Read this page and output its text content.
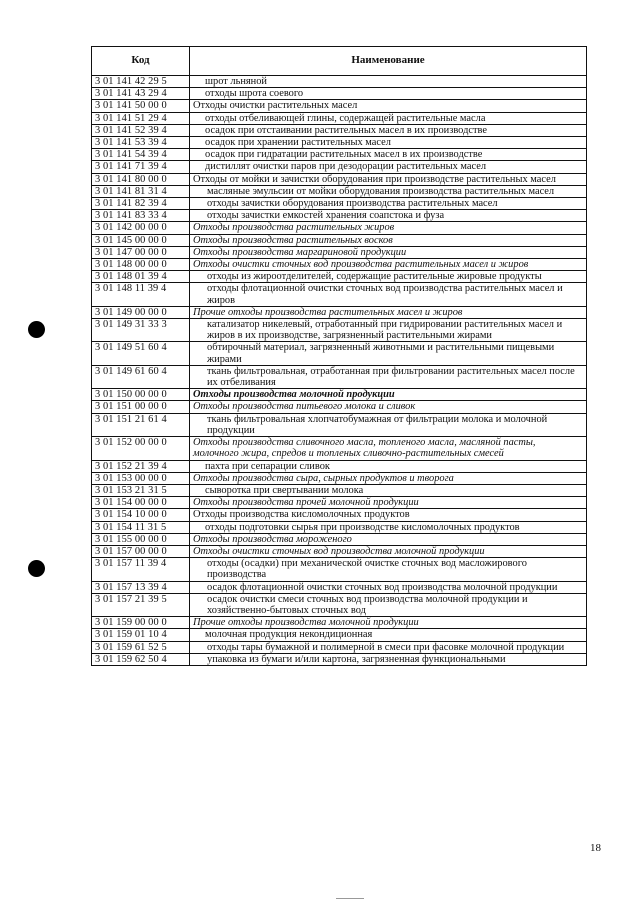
Код	Наименование
3 01 141 42 29 5	шрот льняной
3 01 141 43 29 4	отходы шрота соевого
3 01 141 50 00 0	Отходы очистки растительных масел
3 01 141 51 29 4	отходы отбеливающей глины, содержащей растительные масла
3 01 141 52 39 4	осадок при отстаивании растительных масел в их производстве
3 01 141 53 39 4	осадок при хранении растительных масел
3 01 141 54 39 4	осадок при гидратации растительных масел в их производстве
3 01 141 71 39 4	дистиллят очистки паров при дезодорации растительных масел
3 01 141 80 00 0	Отходы от мойки и зачистки оборудования при производстве растительных масел
3 01 141 81 31 4	масляные эмульсии от мойки оборудования производства растительных масел
3 01 141 82 39 4	отходы зачистки оборудования производства растительных масел
3 01 141 83 33 4	отходы зачистки емкостей хранения соапстока и фуза
3 01 142 00 00 0	Отходы производства растительных жиров
3 01 145 00 00 0	Отходы производства растительных восков
3 01 147 00 00 0	Отходы производства маргариновой продукции
3 01 148 00 00 0	Отходы очистки сточных вод производства растительных масел и жиров
3 01 148 01 39 4	отходы из жироотделителей, содержащие растительные жировые продукты
3 01 148 11 39 4	отходы флотационной очистки сточных вод производства растительных масел и жиров
3 01 149 00 00 0	Прочие отходы производства растительных масел и жиров
3 01 149 31 33 3	катализатор никелевый, отработанный при гидрировании растительных масел и жиров в их производстве, загрязненный растительными жирами
3 01 149 51 60 4	обтирочный материал, загрязненный животными и растительными пищевыми жирами
3 01 149 61 60 4	ткань фильтровальная, отработанная при фильтровании растительных масел после их отбеливания
3 01 150 00 00 0	Отходы производства молочной продукции
3 01 151 00 00 0	Отходы производства питьевого молока и сливок
3 01 151 21 61 4	ткань фильтровальная хлопчатобумажная от фильтрации молока и молочной продукции
3 01 152 00 00 0	Отходы производства сливочного масла, топленого масла, масляной пасты, молочного жира, спредов и топленых сливочно-растительных смесей
3 01 152 21 39 4	пахта при сепарации сливок
3 01 153 00 00 0	Отходы производства сыра, сырных продуктов и творога
3 01 153 21 31 5	сыворотка при свертывании молока
3 01 154 00 00 0	Отходы производства прочей молочной продукции
3 01 154 10 00 0	Отходы производства кисломолочных продуктов
3 01 154 11 31 5	отходы подготовки сырья при производстве кисломолочных продуктов
3 01 155 00 00 0	Отходы производства мороженого
3 01 157 00 00 0	Отходы очистки сточных вод производства молочной продукции
3 01 157 11 39 4	отходы (осадки) при механической очистке сточных вод масложирового производства
3 01 157 13 39 4	осадок флотационной очистки сточных вод производства молочной продукции
3 01 157 21 39 5	осадок очистки смеси сточных вод производства молочной продукции и хозяйственно-бытовых сточных вод
3 01 159 00 00 0	Прочие отходы производства молочной продукции
3 01 159 01 10 4	молочная продукция некондиционная
3 01 159 61 52 5	отходы тары бумажной и полимерной в смеси при фасовке молочной продукции
3 01 159 62 50 4	упаковка из бумаги и/или картона, загрязненная функциональными
18
